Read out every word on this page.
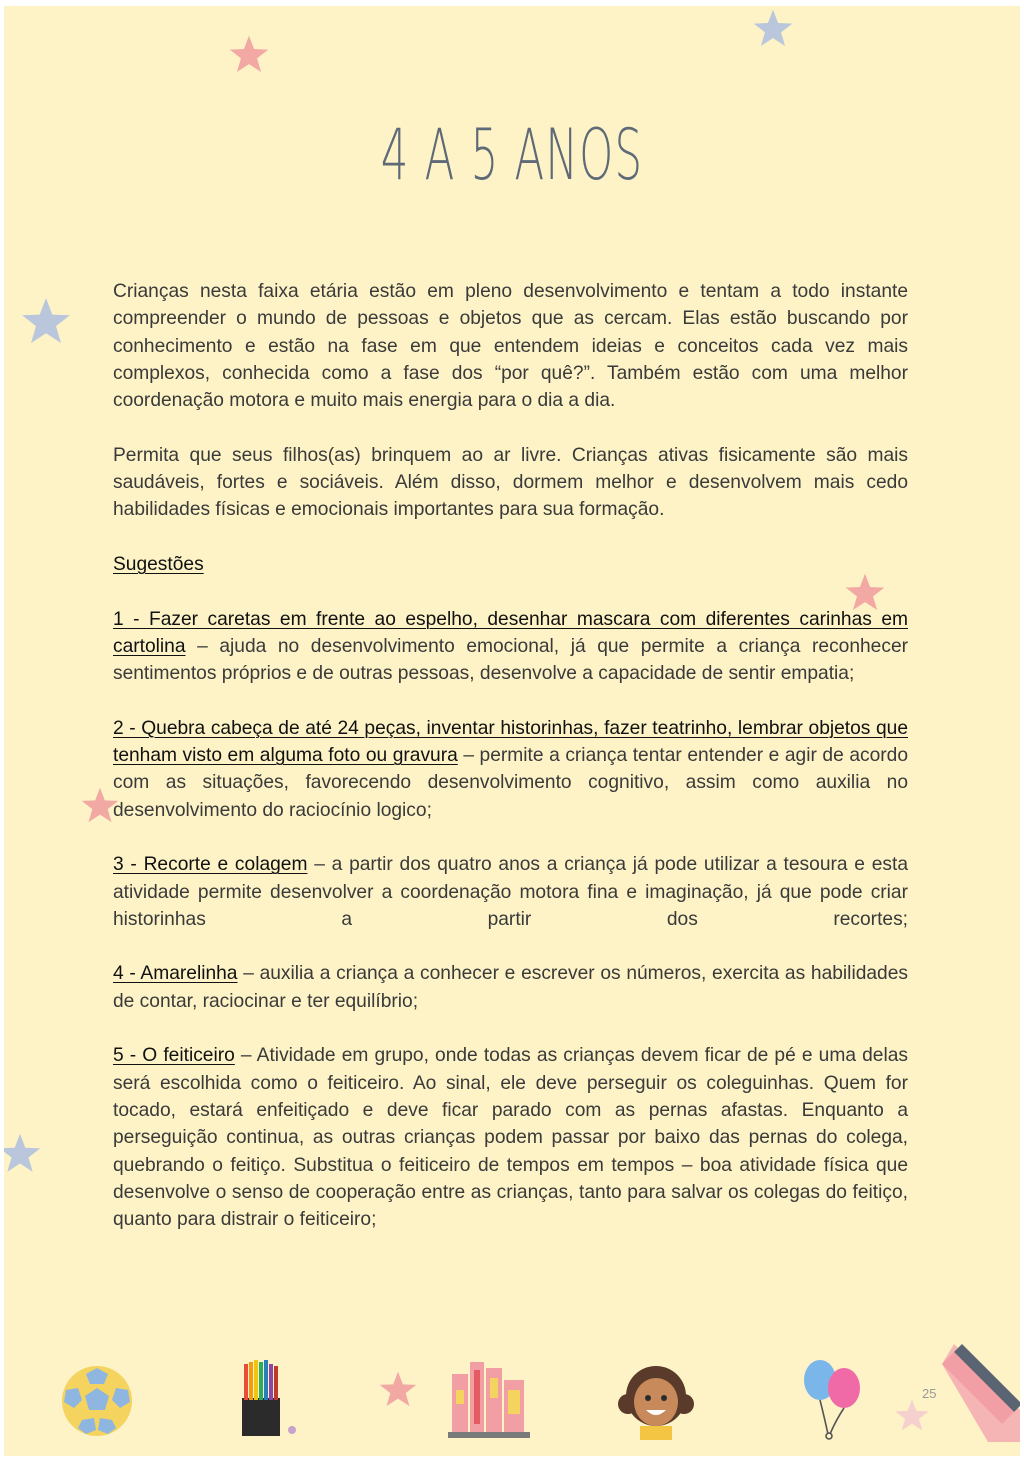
4 A 5 ANOS

Crianças nesta faixa etária estão em pleno desenvolvimento e tentam a todo instante compreender o mundo de pessoas e objetos que as cercam. Elas estão buscando por conhecimento e estão na fase em que entendem ideias e conceitos cada vez mais complexos, conhecida como a fase dos “por quê?”. Também estão com uma melhor coordenação motora e muito mais energia para o dia a dia.

Permita que seus filhos(as) brinquem ao ar livre. Crianças ativas fisicamente são mais saudáveis, fortes e sociáveis. Além disso, dormem melhor e desenvolvem mais cedo habilidades físicas e emocionais importantes para sua formação.

Sugestões

1 - Fazer caretas em frente ao espelho, desenhar mascara com diferentes carinhas em cartolina – ajuda no desenvolvimento emocional, já que permite a criança reconhecer sentimentos próprios e de outras pessoas, desenvolve a capacidade de sentir empatia;

2 - Quebra cabeça de até 24 peças, inventar historinhas, fazer teatrinho, lembrar objetos que tenham visto em alguma foto ou gravura – permite a criança tentar entender e agir de acordo com as situações, favorecendo desenvolvimento cognitivo, assim como auxilia no desenvolvimento do raciocínio logico;

3 - Recorte e colagem – a partir dos quatro anos a criança já pode utilizar a tesoura e esta atividade permite desenvolver a coordenação motora fina e imaginação, já que pode criar historinhas a partir dos recortes;

4 - Amarelinha – auxilia a criança a conhecer e escrever os números, exercita as habilidades de contar, raciocinar e ter equilíbrio;

5 - O feiticeiro – Atividade em grupo, onde todas as crianças devem ficar de pé e uma delas será escolhida como o feiticeiro. Ao sinal, ele deve perseguir os coleguinhas. Quem for tocado, estará enfeitiçado e deve ficar parado com as pernas afastas. Enquanto a perseguição continua, as outras crianças podem passar por baixo das pernas do colega, quebrando o feitiço. Substitua o feiticeiro de tempos em tempos – boa atividade física que desenvolve o senso de cooperação entre as crianças, tanto para salvar os colegas do feitiço, quanto para distrair o feiticeiro;

25
